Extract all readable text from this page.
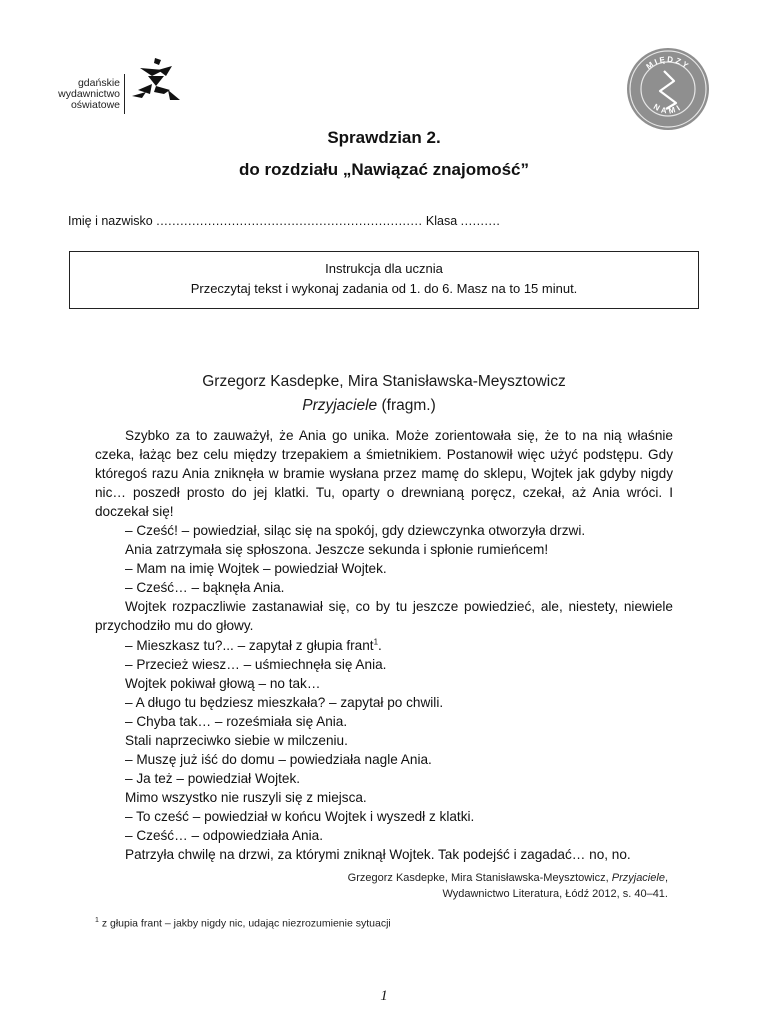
gdańskie
wydawnictwo
oświatowe
MIĘDZY
NAMI
Sprawdzian 2.
do rozdziału „Nawiązać znajomość”
Imię i nazwisko ................................................................... Klasa ..........
Instrukcja dla ucznia
Przeczytaj tekst i wykonaj zadania od 1. do 6. Masz na to 15 minut.
Grzegorz Kasdepke, Mira Stanisławska-Meysztowicz
Przyjaciele (fragm.)

Szybko za to zauważył, że Ania go unika. Może zorientowała się, że to na nią właśnie czeka, łażąc bez celu między trzepakiem a śmietnikiem. Postanowił więc użyć podstępu. Gdy któregoś razu Ania zniknęła w bramie wysłana przez mamę do sklepu, Wojtek jak gdyby nigdy nic… poszedł prosto do jej klatki. Tu, oparty o drewnianą poręcz, czekał, aż Ania wróci. I doczekał się!

– Cześć! – powiedział, siląc się na spokój, gdy dziewczynka otworzyła drzwi.

Ania zatrzymała się spłoszona. Jeszcze sekunda i spłonie rumieńcem!

– Mam na imię Wojtek – powiedział Wojtek.

– Cześć… – bąknęła Ania.

Wojtek rozpaczliwie zastanawiał się, co by tu jeszcze powiedzieć, ale, niestety, niewiele przychodziło mu do głowy.

– Mieszkasz tu?... – zapytał z głupia frant$^1$.

– Przecież wiesz… – uśmiechnęła się Ania.

Wojtek pokiwał głową – no tak…

– A długo tu będziesz mieszkała? – zapytał po chwili.

– Chyba tak… – roześmiała się Ania.

Stali naprzeciwko siebie w milczeniu.

– Muszę już iść do domu – powiedziała nagle Ania.

– Ja też – powiedział Wojtek.

Mimo wszystko nie ruszyli się z miejsca.

– To cześć – powiedział w końcu Wojtek i wyszedł z klatki.

– Cześć… – odpowiedziała Ania.

Patrzyła chwilę na drzwi, za którymi zniknął Wojtek. Tak podejść i zagadać… no, no.

Grzegorz Kasdepke, Mira Stanisławska-Meysztowicz, Przyjaciele,
Wydawnictwo Literatura, Łódź 2012, s. 40–41.
$^1$ z głupia frant – jakby nigdy nic, udając niezrozumienie sytuacji
1
